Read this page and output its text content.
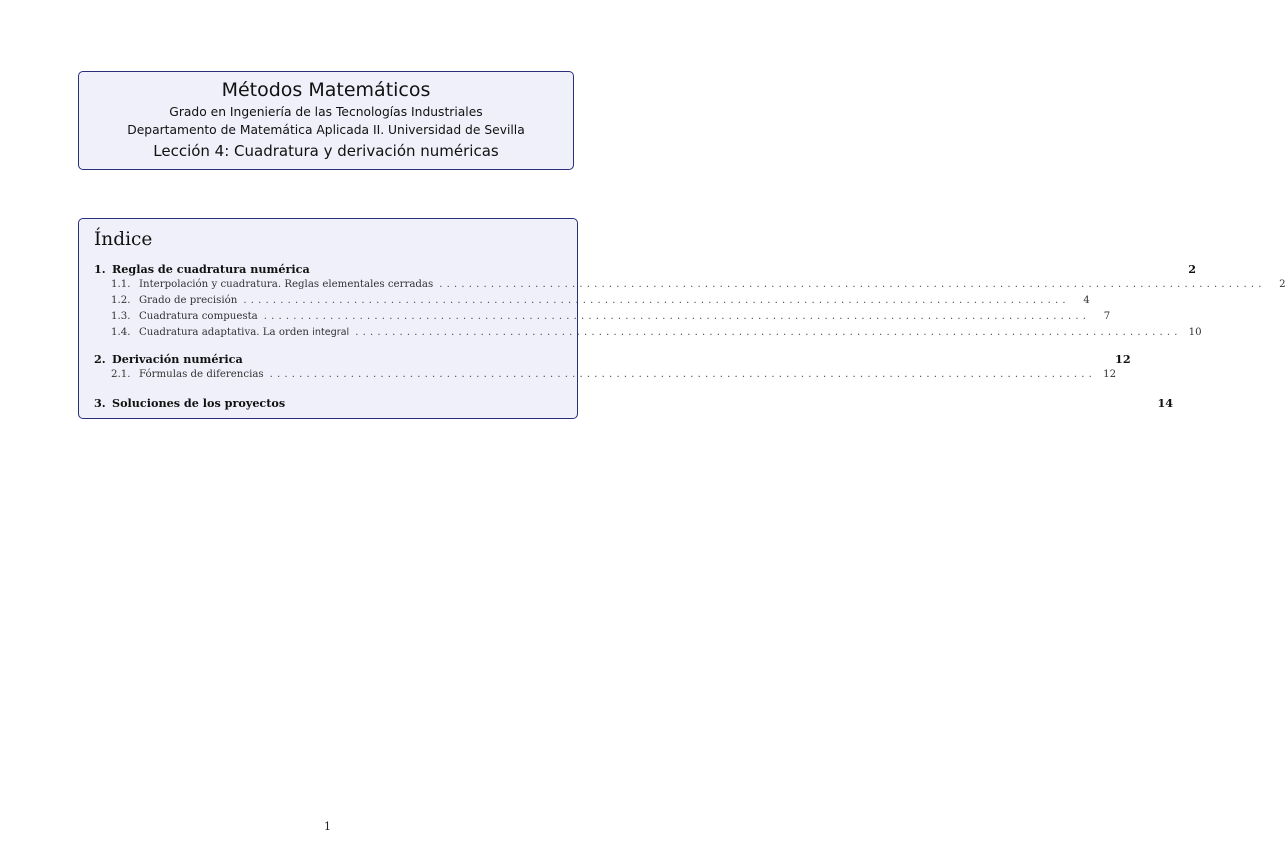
Métodos Matemáticos
Grado en Ingeniería de las Tecnologías Industriales
Departamento de Matemática Aplicada II. Universidad de Sevilla
Lección 4: Cuadratura y derivación numéricas
Índice
1. Reglas de cuadratura numérica	2
1.1. Interpolación y cuadratura. Reglas elementales cerradas ................................................................................................................	2
1.2. Grado de precisión ................................................................................................................	4
1.3. Cuadratura compuesta ................................................................................................................	7
1.4. Cuadratura adaptativa. La orden integral ................................................................................................................ 10
2. Derivación numérica	12
2.1. Fórmulas de diferencias ................................................................................................................ 12
3. Soluciones de los proyectos	14
1
